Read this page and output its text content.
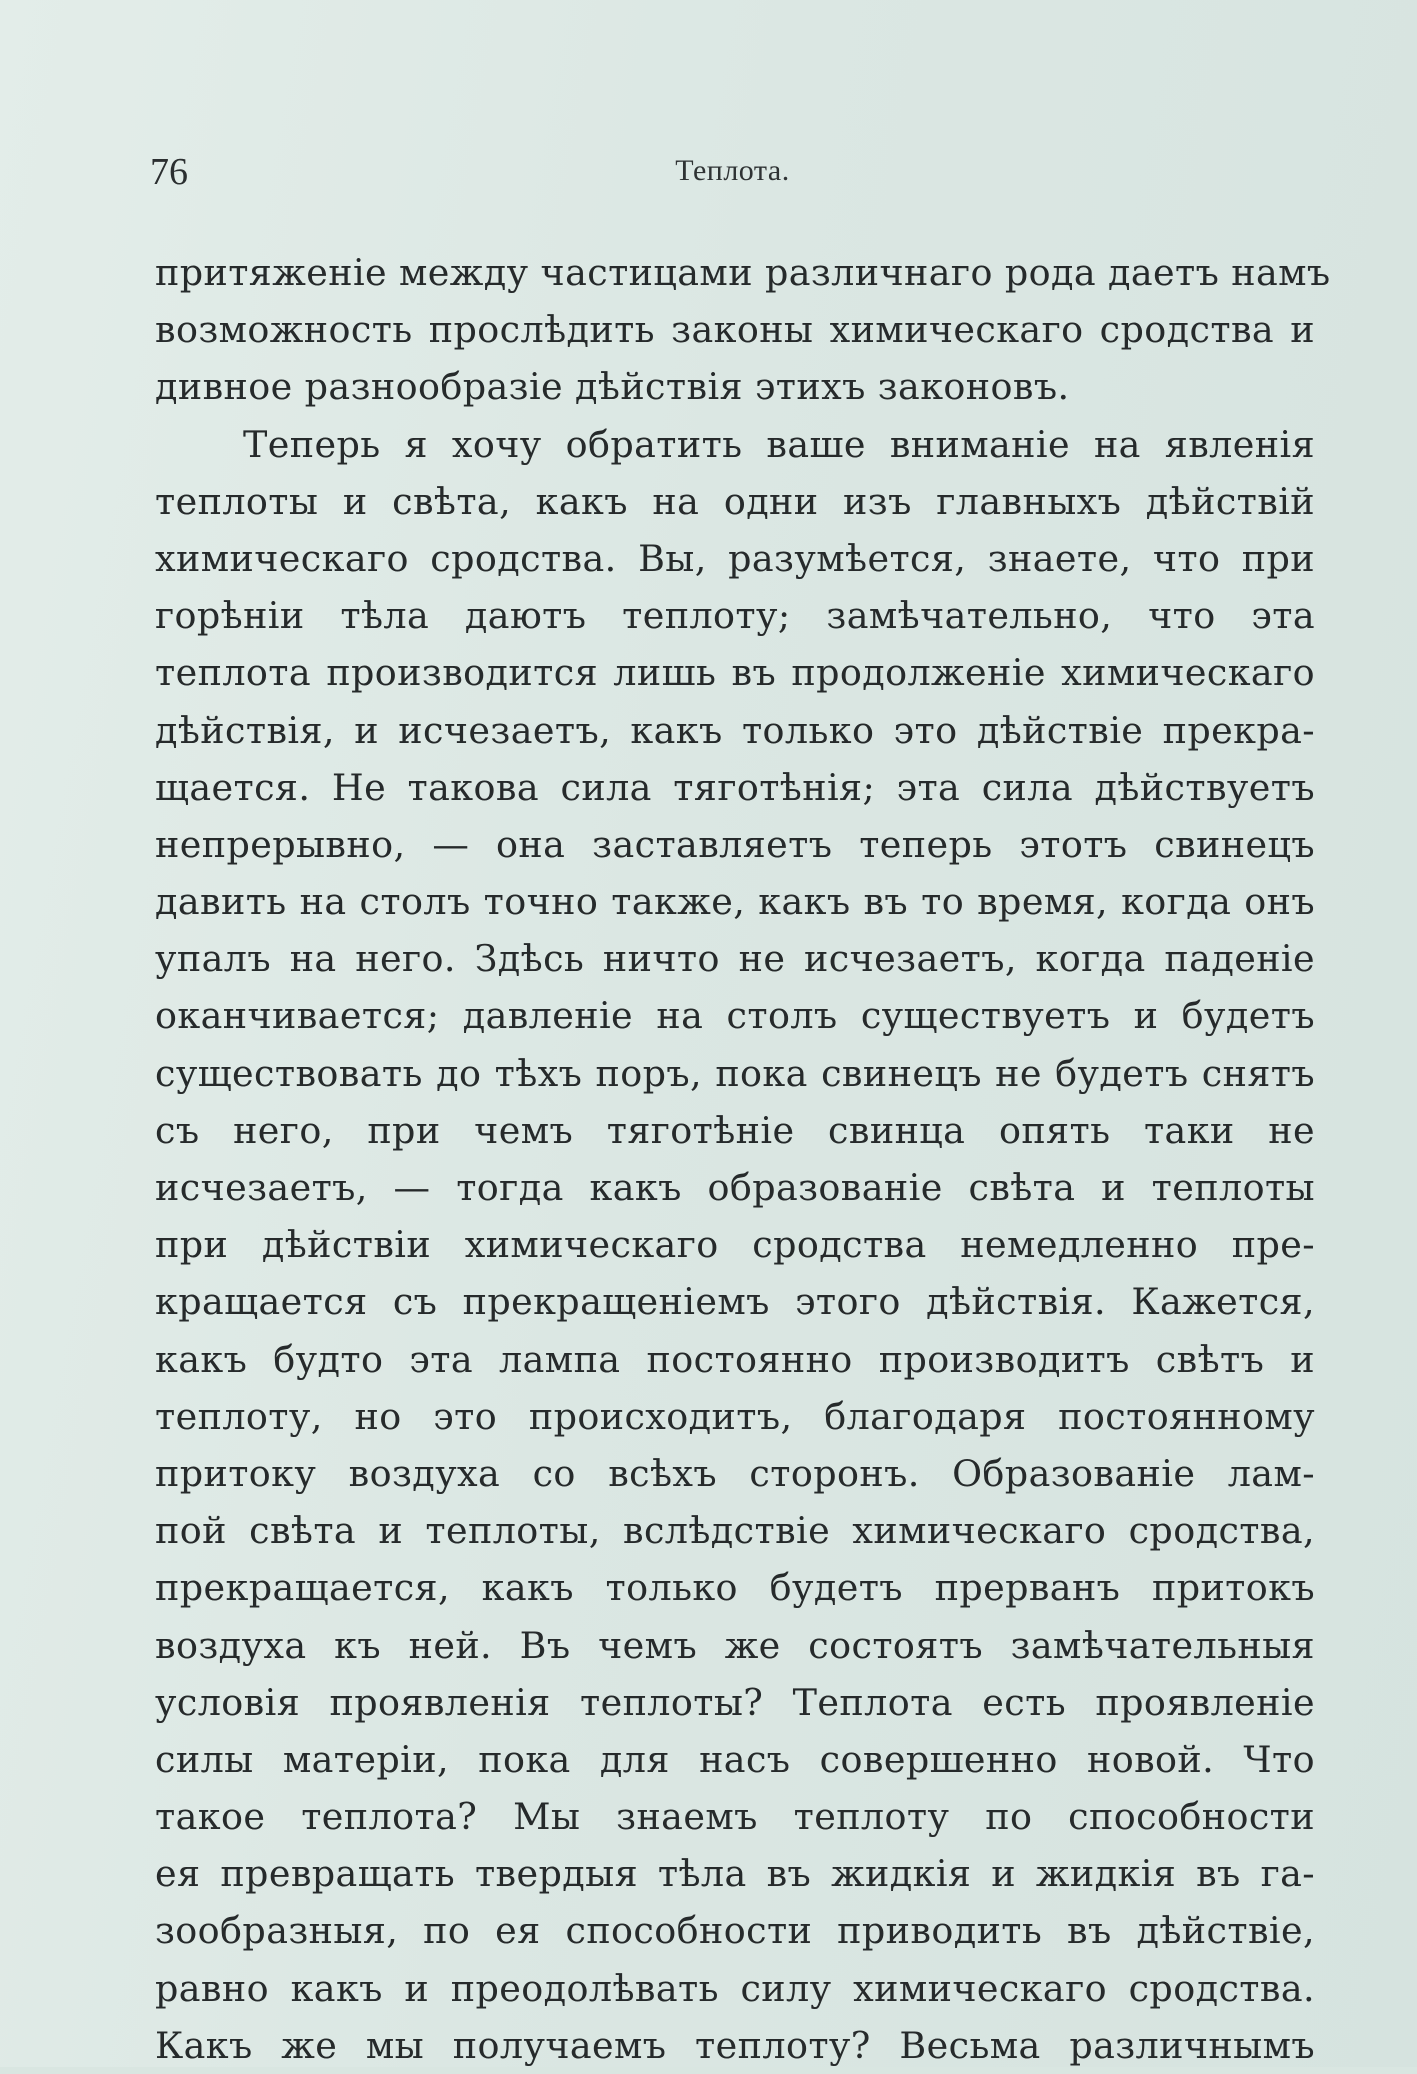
76	Теплота.
притяженіе между частицами различнаго рода даетъ намъ
возможность прослѣдить законы химическаго сродства и
дивное разнообразіе дѣйствія этихъ законовъ.
Теперь я хочу обратить ваше вниманіе на явленія
теплоты и свѣта, какъ на одни изъ главныхъ дѣйствій
химическаго сродства. Вы, разумѣется, знаете, что при
горѣніи тѣла даютъ теплоту; замѣчательно, что эта
теплота производится лишь въ продолженіе химическаго
дѣйствія, и исчезаетъ, какъ только это дѣйствіе прекра-
щается. Не такова сила тяготѣнія; эта сила дѣйствуетъ
непрерывно, — она заставляетъ теперь этотъ свинецъ
давить на столъ точно также, какъ въ то время, когда онъ
упалъ на него. Здѣсь ничто не исчезаетъ, когда паденіе
оканчивается; давленіе на столъ существуетъ и будетъ
существовать до тѣхъ поръ, пока свинецъ не будетъ снятъ
съ него, при чемъ тяготѣніе свинца опять таки не
исчезаетъ, — тогда какъ образованіе свѣта и теплоты
при дѣйствіи химическаго сродства немедленно пре-
кращается съ прекращеніемъ этого дѣйствія. Кажется,
какъ будто эта лампа постоянно производитъ свѣтъ и
теплоту, но это происходитъ, благодаря постоянному
притоку воздуха со всѣхъ сторонъ. Образованіе лам-
пой свѣта и теплоты, вслѣдствіе химическаго сродства,
прекращается, какъ только будетъ прерванъ притокъ
воздуха къ ней. Въ чемъ же состоятъ замѣчательныя
условія проявленія теплоты? Теплота есть проявленіе
силы матеріи, пока для насъ совершенно новой. Что
такое теплота? Мы знаемъ теплоту по способности
ея превращать твердыя тѣла въ жидкія и жидкія въ га-
зообразныя, по ея способности приводить въ дѣйствіе,
равно какъ и преодолѣвать силу химическаго сродства.
Какъ же мы получаемъ теплоту? Весьма различнымъ
